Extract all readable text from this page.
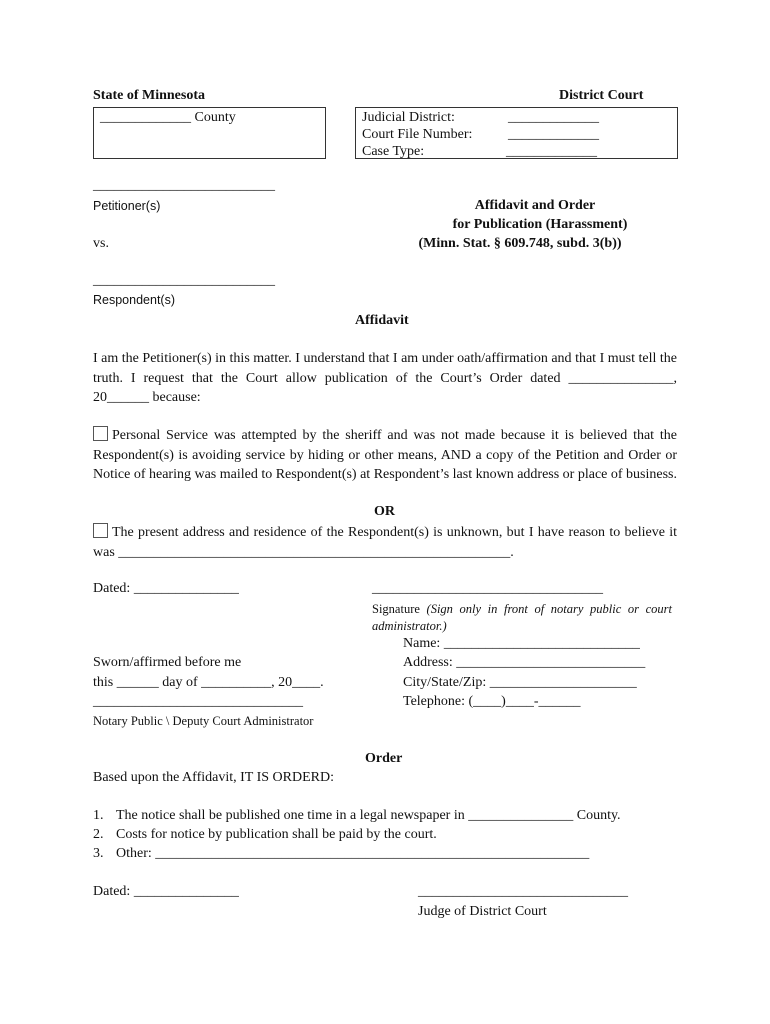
State of Minnesota	District Court
_____________ County	Judicial District:	_____________
Court File Number:	_____________
Case Type:	_____________
__________________________
Petitioner(s)
vs.
__________________________
Respondent(s)
Affidavit and Order
for Publication (Harassment)
(Minn. Stat. § 609.748, subd. 3(b))
Affidavit
I am the Petitioner(s) in this matter. I understand that I am under oath/affirmation and that I must tell the truth. I request that the Court allow publication of the Court’s Order dated _______________, 20______ because:
Personal Service was attempted by the sheriff and was not made because it is believed that the Respondent(s) is avoiding service by hiding or other means, AND a copy of the Petition and Order or Notice of hearing was mailed to Respondent(s) at Respondent’s last known address or place of business.
OR
The present address and residence of the Respondent(s) is unknown, but I have reason to believe it was ________________________________________________________.
Dated: _______________	_________________________________
Signature (Sign only in front of notary public or court administrator.)
Name: ____________________________
Address: ___________________________
City/State/Zip: _____________________
Telephone: (____)____-______
Sworn/affirmed before me
this ______ day of __________, 20____.
______________________________
Notary Public \ Deputy Court Administrator
Order
Based upon the Affidavit, IT IS ORDERD:
1. The notice shall be published one time in a legal newspaper in _______________ County.
2. Costs for notice by publication shall be paid by the court.
3. Other: ______________________________________________________________
Dated: _______________	______________________________
Judge of District Court
